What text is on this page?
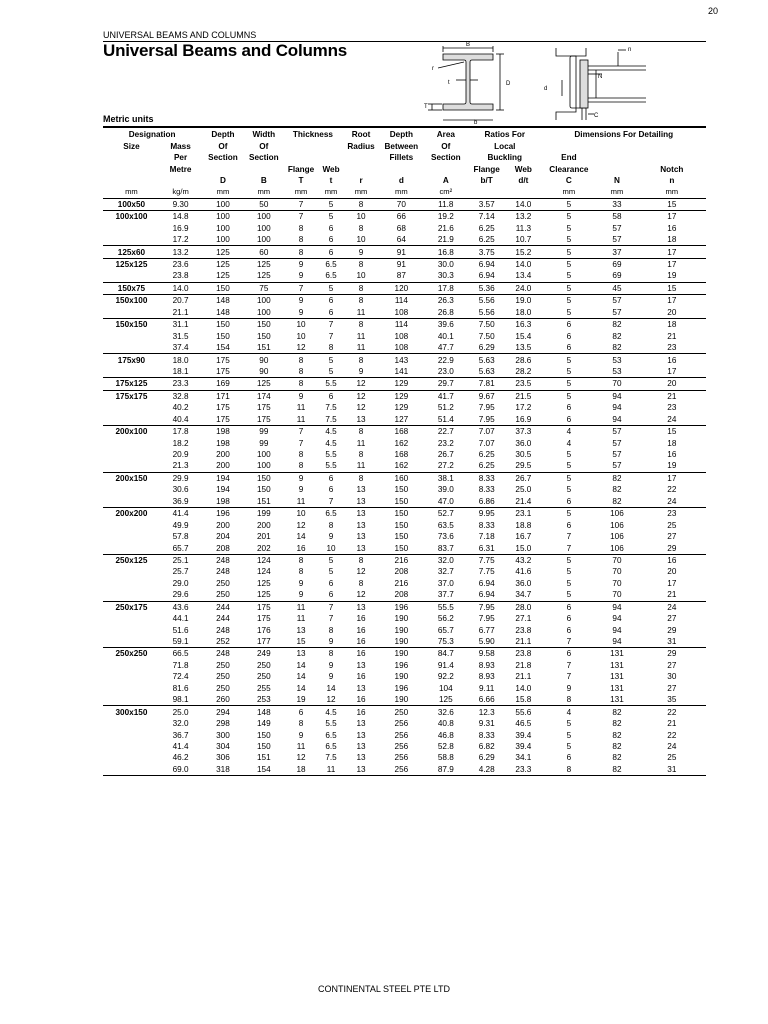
20
UNIVERSAL BEAMS AND COLUMNS
Universal Beams and Columns
Metric units
B
r
t	D
T
b
n
N
d
C
Designation		Depth	Width	Thickness		Root	Depth	Area	Ratios For		Dimensions For Detailing		
Size	Mass	Of	Of			Radius	Between	Of	Local				
	Per	Section	Section				Fillets	Section	Buckling		End		
	Metre			Flange	Web				Flange	Web	Clearance		Notch
		D	B	T	t	r	d	A	b/T	d/t	C	N	n
mm	kg/m	mm	mm	mm	mm	mm	mm	cm²			mm	mm	mm
100x50	9.30	100	50	7	5	8	70	11.8	3.57	14.0	5	33	15
100x100	14.8	100	100	7	5	10	66	19.2	7.14	13.2	5	58	17
	16.9	100	100	8	6	8	68	21.6	6.25	11.3	5	57	16
	17.2	100	100	8	6	10	64	21.9	6.25	10.7	5	57	18
125x60	13.2	125	60	8	6	9	91	16.8	3.75	15.2	5	37	17
125x125	23.6	125	125	9	6.5	8	91	30.0	6.94	14.0	5	69	17
	23.8	125	125	9	6.5	10	87	30.3	6.94	13.4	5	69	19
150x75	14.0	150	75	7	5	8	120	17.8	5.36	24.0	5	45	15
150x100	20.7	148	100	9	6	8	114	26.3	5.56	19.0	5	57	17
	21.1	148	100	9	6	11	108	26.8	5.56	18.0	5	57	20
150x150	31.1	150	150	10	7	8	114	39.6	7.50	16.3	6	82	18
	31.5	150	150	10	7	11	108	40.1	7.50	15.4	6	82	21
	37.4	154	151	12	8	11	108	47.7	6.29	13.5	6	82	23
175x90	18.0	175	90	8	5	8	143	22.9	5.63	28.6	5	53	16
	18.1	175	90	8	5	9	141	23.0	5.63	28.2	5	53	17
175x125	23.3	169	125	8	5.5	12	129	29.7	7.81	23.5	5	70	20
175x175	32.8	171	174	9	6	12	129	41.7	9.67	21.5	5	94	21
	40.2	175	175	11	7.5	12	129	51.2	7.95	17.2	6	94	23
	40.4	175	175	11	7.5	13	127	51.4	7.95	16.9	6	94	24
200x100	17.8	198	99	7	4.5	8	168	22.7	7.07	37.3	4	57	15
	18.2	198	99	7	4.5	11	162	23.2	7.07	36.0	4	57	18
	20.9	200	100	8	5.5	8	168	26.7	6.25	30.5	5	57	16
	21.3	200	100	8	5.5	11	162	27.2	6.25	29.5	5	57	19
200x150	29.9	194	150	9	6	8	160	38.1	8.33	26.7	5	82	17
	30.6	194	150	9	6	13	150	39.0	8.33	25.0	5	82	22
	36.9	198	151	11	7	13	150	47.0	6.86	21.4	6	82	24
200x200	41.4	196	199	10	6.5	13	150	52.7	9.95	23.1	5	106	23
	49.9	200	200	12	8	13	150	63.5	8.33	18.8	6	106	25
	57.8	204	201	14	9	13	150	73.6	7.18	16.7	7	106	27
	65.7	208	202	16	10	13	150	83.7	6.31	15.0	7	106	29
250x125	25.1	248	124	8	5	8	216	32.0	7.75	43.2	5	70	16
	25.7	248	124	8	5	12	208	32.7	7.75	41.6	5	70	20
	29.0	250	125	9	6	8	216	37.0	6.94	36.0	5	70	17
	29.6	250	125	9	6	12	208	37.7	6.94	34.7	5	70	21
250x175	43.6	244	175	11	7	13	196	55.5	7.95	28.0	6	94	24
	44.1	244	175	11	7	16	190	56.2	7.95	27.1	6	94	27
	51.6	248	176	13	8	16	190	65.7	6.77	23.8	6	94	29
	59.1	252	177	15	9	16	190	75.3	5.90	21.1	7	94	31
250x250	66.5	248	249	13	8	16	190	84.7	9.58	23.8	6	131	29
	71.8	250	250	14	9	13	196	91.4	8.93	21.8	7	131	27
	72.4	250	250	14	9	16	190	92.2	8.93	21.1	7	131	30
	81.6	250	255	14	14	13	196	104	9.11	14.0	9	131	27
	98.1	260	253	19	12	16	190	125	6.66	15.8	8	131	35
300x150	25.0	294	148	6	4.5	16	250	32.6	12.3	55.6	4	82	22
	32.0	298	149	8	5.5	13	256	40.8	9.31	46.5	5	82	21
	36.7	300	150	9	6.5	13	256	46.8	8.33	39.4	5	82	22
	41.4	304	150	11	6.5	13	256	52.8	6.82	39.4	5	82	24
	46.2	306	151	12	7.5	13	256	58.8	6.29	34.1	6	82	25
	69.0	318	154	18	11	13	256	87.9	4.28	23.3	8	82	31
CONTINENTAL STEEL PTE LTD
